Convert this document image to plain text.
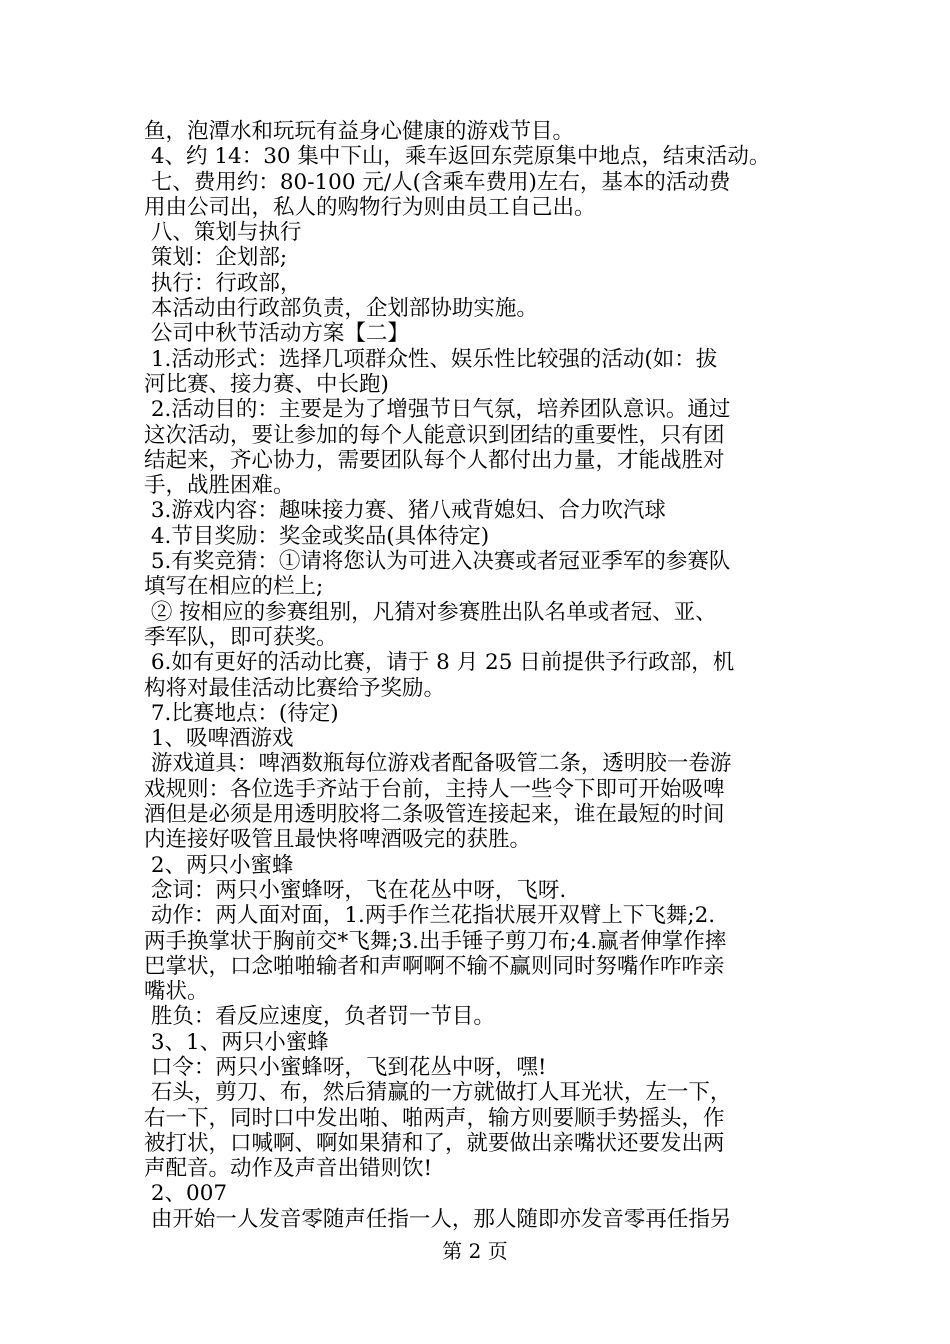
鱼，泡潭水和玩玩有益身心健康的游戏节目。
4、约 14：30 集中下山，乘车返回东莞原集中地点，结束活动。
七、费用约：80-100 元/人(含乘车费用)左右，基本的活动费
用由公司出，私人的购物行为则由员工自己出。
八、策划与执行
策划：企划部;
执行：行政部，
本活动由行政部负责，企划部协助实施。
公司中秋节活动方案【二】
1.活动形式：选择几项群众性、娱乐性比较强的活动(如：拔
河比赛、接力赛、中长跑)
2.活动目的：主要是为了增强节日气氛，培养团队意识。通过
这次活动，要让参加的每个人能意识到团结的重要性，只有团
结起来，齐心协力，需要团队每个人都付出力量，才能战胜对
手，战胜困难。
3.游戏内容：趣味接力赛、猪八戒背媳妇、合力吹汽球
4.节目奖励：奖金或奖品(具体待定)
5.有奖竞猜：①请将您认为可进入决赛或者冠亚季军的参赛队
填写在相应的栏上;
② 按相应的参赛组别，凡猜对参赛胜出队名单或者冠、亚、
季军队，即可获奖。
6.如有更好的活动比赛，请于 8 月 25 日前提供予行政部，机
构将对最佳活动比赛给予奖励。
7.比赛地点：(待定)
1、吸啤酒游戏
游戏道具：啤酒数瓶每位游戏者配备吸管二条，透明胶一卷游
戏规则：各位选手齐站于台前，主持人一些令下即可开始吸啤
酒但是必须是用透明胶将二条吸管连接起来，谁在最短的时间
内连接好吸管且最快将啤酒吸完的获胜。
2、两只小蜜蜂
念词：两只小蜜蜂呀，飞在花丛中呀，飞呀.
动作：两人面对面，1.两手作兰花指状展开双臂上下飞舞;2.
两手换掌状于胸前交*飞舞;3.出手锤子剪刀布;4.赢者伸掌作摔
巴掌状，口念啪啪输者和声啊啊不输不赢则同时努嘴作咋咋亲
嘴状。
胜负：看反应速度，负者罚一节目。
3、1、两只小蜜蜂
口令：两只小蜜蜂呀，飞到花丛中呀，嘿!
石头，剪刀、布，然后猜赢的一方就做打人耳光状，左一下，
右一下，同时口中发出啪、啪两声，输方则要顺手势摇头，作
被打状，口喊啊、啊如果猜和了，就要做出亲嘴状还要发出两
声配音。动作及声音出错则饮!
2、007
由开始一人发音零随声任指一人，那人随即亦发音零再任指另
第 2 页
